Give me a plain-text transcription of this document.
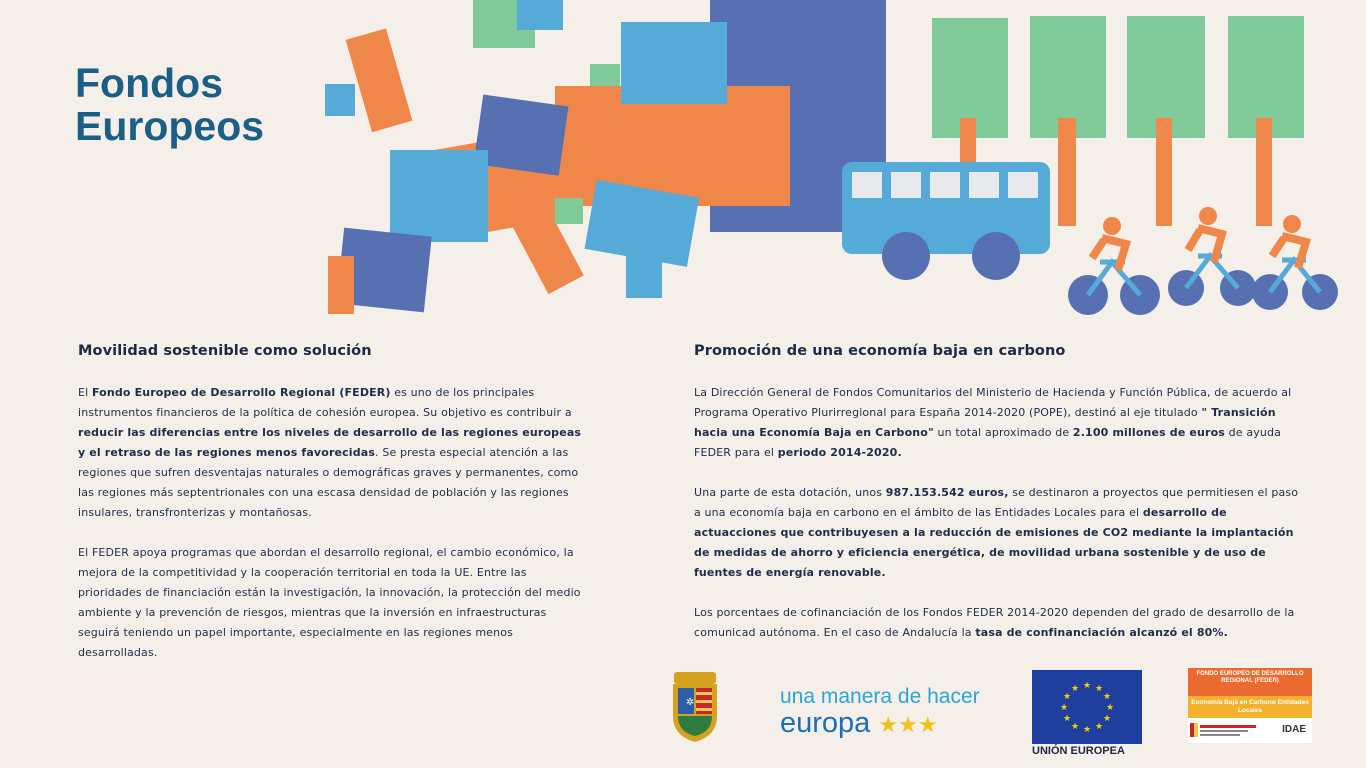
Fondos
Europeos
Movilidad sostenible como solución

El Fondo Europeo de Desarrollo Regional (FEDER) es uno de los principales instrumentos financieros de la política de cohesión europea. Su objetivo es contribuir a reducir las diferencias entre los niveles de desarrollo de las regiones europeas y el retraso de las regiones menos favorecidas. Se presta especial atención a las regiones que sufren desventajas naturales o demográficas graves y permanentes, como las regiones más septentrionales con una escasa densidad de población y las regiones insulares, transfronterizas y montañosas.

El FEDER apoya programas que abordan el desarrollo regional, el cambio económico, la mejora de la competitividad y la cooperación territorial en toda la UE. Entre las prioridades de financiación están la investigación, la innovación, la protección del medio ambiente y la prevención de riesgos, mientras que la inversión en infraestructuras seguirá teniendo un papel importante, especialmente en las regiones menos desarrolladas.

Promoción de una economía baja en carbono

La Dirección General de Fondos Comunitarios del Ministerio de Hacienda y Función Pública, de acuerdo al Programa Operativo Plurirregional para España 2014-2020 (POPE), destinó al eje titulado " Transición hacia una Economía Baja en Carbono" un total aproximado de 2.100 millones de euros de ayuda FEDER para el periodo 2014-2020.

Una parte de esta dotación, unos 987.153.542 euros, se destinaron a proyectos que permitiesen el paso a una economía baja en carbono en el ámbito de las Entidades Locales para el desarrollo de actuacciones que contribuyesen a la reducción de emisiones de CO2 mediante la implantación de medidas de ahorro y eficiencia energética, de movilidad urbana sostenible y de uso de fuentes de energía renovable.

Los porcentaes de cofinanciación de los Fondos FEDER 2014-2020 dependen del grado de desarrollo de la comunicad autónoma. En el caso de Andalucía la tasa de confinanciación alcanzó el 80%.

✲	una manera de hacer
europa ★★★
★ ★
★
★
★
★
★
★
★
★
★
★
UNIÓN EUROPEA
FONDO EUROPEO DE DESARROLLO REGIONAL (FEDER)
Economía Baja en Carbono Entidades Locales
IDAE
